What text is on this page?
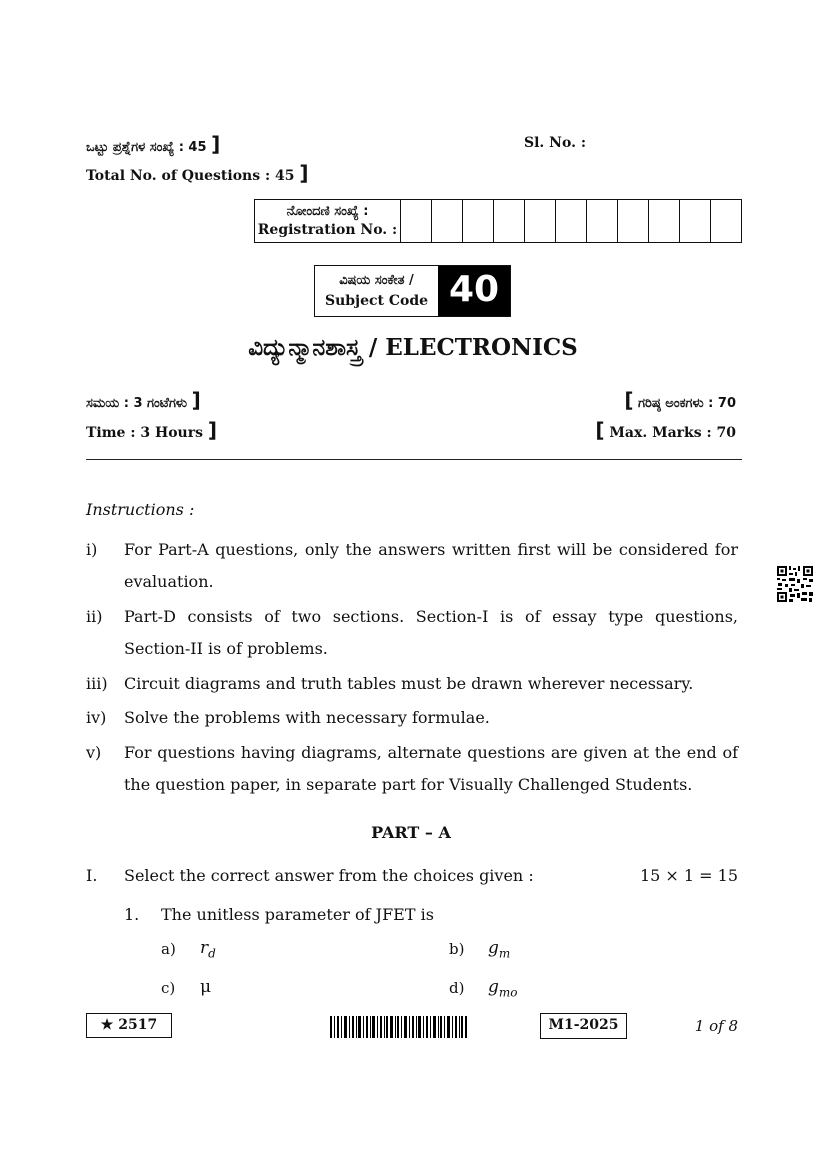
ಒಟ್ಟು ಪ್ರಶ್ನೆಗಳ ಸಂಖ್ಯೆ : 45 ]
Total No. of Questions : 45 ]
Sl. No. :
ನೋಂದಣಿ ಸಂಖ್ಯೆ :
Registration No. :
ವಿಷಯ ಸಂಕೇತ /
Subject Code 40
ವಿದ್ಯುನ್ಮಾನಶಾಸ್ತ್ರ / ELECTRONICS
ಸಮಯ : 3 ಗಂಟೆಗಳು ]
Time : 3 Hours ]
[ ಗರಿಷ್ಠ ಅಂಕಗಳು : 70
[ Max. Marks : 70
Instructions :
i) For Part-A questions, only the answers written first will be considered for evaluation.
ii) Part-D consists of two sections. Section-I is of essay type questions, Section-II is of problems.
iii) Circuit diagrams and truth tables must be drawn wherever necessary.
iv) Solve the problems with necessary formulae.
v) For questions having diagrams, alternate questions are given at the end of the question paper, in separate part for Visually Challenged Students.
PART – A
I. Select the correct answer from the choices given :	15 × 1 = 15
1. The unitless parameter of JFET is
a) $r_d$	b) $g_m$
c) μ	d) $g_{mo}$
★ 2517	M1-2025	1 of 8
